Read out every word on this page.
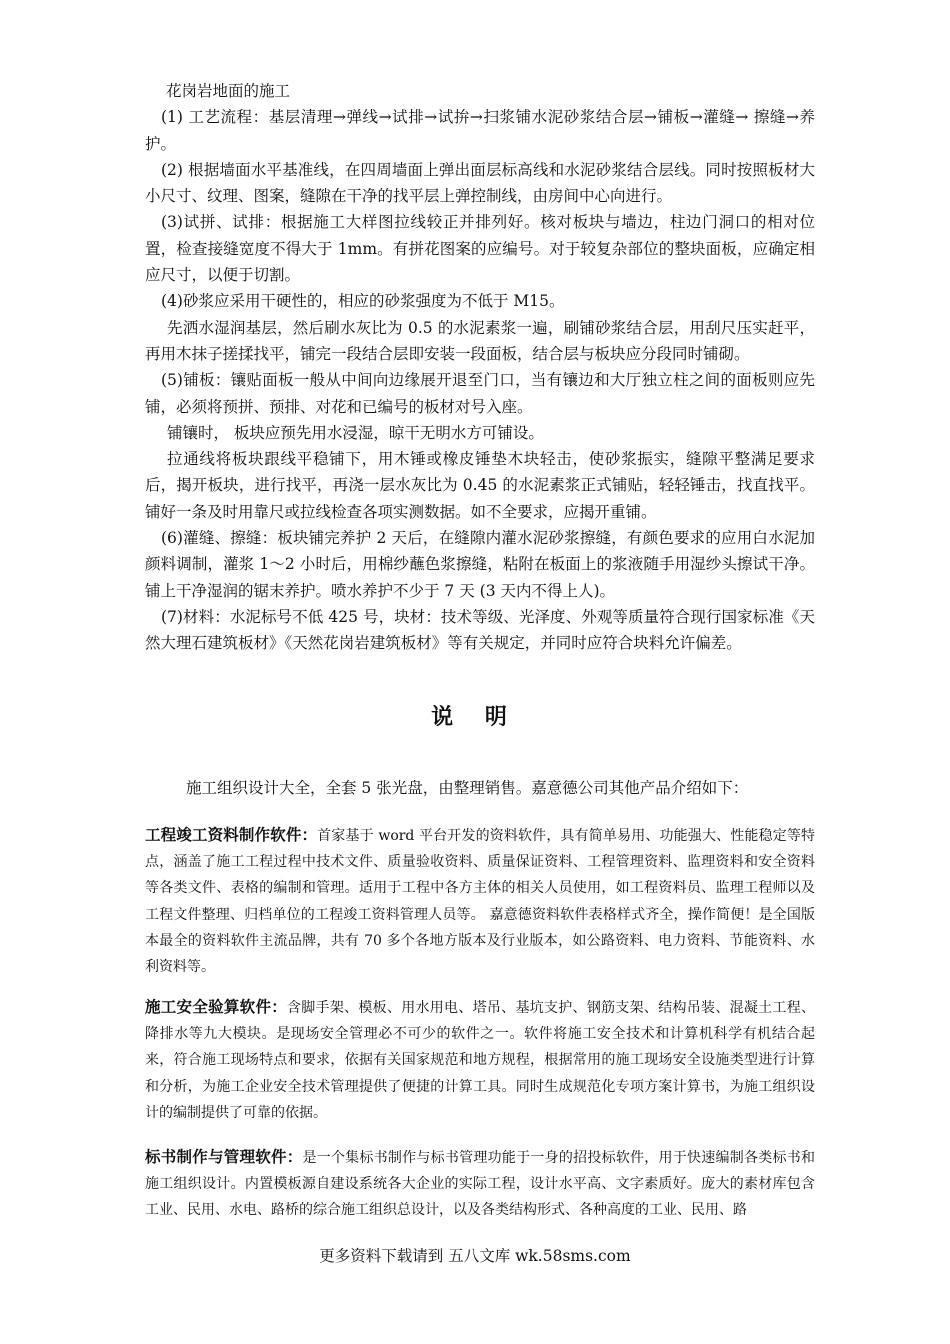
花岗岩地面的施工

(1) 工艺流程：基层清理→弹线→试排→试拚→扫浆铺水泥砂浆结合层→铺板→灌缝→ 擦缝→养护。

(2) 根据墙面水平基准线，在四周墙面上弹出面层标高线和水泥砂浆结合层线。同时按照板材大小尺寸、纹理、图案，缝隙在干净的找平层上弹控制线，由房间中心向进行。

(3)试拼、试排：根据施工大样图拉线较正并排列好。核对板块与墙边，柱边门洞口的相对位置，检查接缝宽度不得大于 1mm。有拼花图案的应编号。对于较复杂部位的整块面板，应确定相应尺寸，以便于切割。

(4)砂浆应采用干硬性的，相应的砂浆强度为不低于 M15。

先洒水湿润基层，然后刷水灰比为 0.5 的水泥素浆一遍，刷铺砂浆结合层，用刮尺压实赶平，再用木抹子搓揉找平，铺完一段结合层即安装一段面板，结合层与板块应分段同时铺砌。

(5)铺板：镶贴面板一般从中间向边缘展开退至门口，当有镶边和大厅独立柱之间的面板则应先铺，必须将预拼、预排、对花和已编号的板材对号入座。

铺镶时， 板块应预先用水浸湿，晾干无明水方可铺设。

拉通线将板块跟线平稳铺下，用木锤或橡皮锤垫木块轻击，使砂浆振实，缝隙平整满足要求后，揭开板块，进行找平，再浇一层水灰比为 0.45 的水泥素浆正式铺贴，轻轻锤击，找直找平。铺好一条及时用靠尺或拉线检查各项实测数据。如不全要求，应揭开重铺。

(6)灌缝、擦缝：板块铺完养护 2 天后，在缝隙内灌水泥砂浆擦缝，有颜色要求的应用白水泥加颜料调制，灌浆 1～2 小时后，用棉纱蘸色浆擦缝，粘附在板面上的浆液随手用湿纱头擦试干净。铺上干净湿润的锯末养护。喷水养护不少于 7 天 (3 天内不得上人)。

(7)材料：水泥标号不低 425 号，块材：技术等级、光泽度、外观等质量符合现行国家标准《天然大理石建筑板材》《天然花岗岩建筑板材》等有关规定，并同时应符合块料允许偏差。

说 明
施工组织设计大全，全套 5 张光盘，由整理销售。嘉意德公司其他产品介绍如下：
工程竣工资料制作软件：首家基于 word 平台开发的资料软件，具有简单易用、功能强大、性能稳定等特点，涵盖了施工工程过程中技术文件、质量验收资料、质量保证资料、工程管理资料、监理资料和安全资料等各类文件、表格的编制和管理。适用于工程中各方主体的相关人员使用，如工程资料员、监理工程师以及工程文件整理、归档单位的工程竣工资料管理人员等。 嘉意德资料软件表格样式齐全，操作简便！是全国版本最全的资料软件主流品牌，共有 70 多个各地方版本及行业版本，如公路资料、电力资料、节能资料、水利资料等。
施工安全验算软件：含脚手架、模板、用水用电、塔吊、基坑支护、钢筋支架、结构吊装、混凝土工程、降排水等九大模块。是现场安全管理必不可少的软件之一。软件将施工安全技术和计算机科学有机结合起来，符合施工现场特点和要求，依据有关国家规范和地方规程，根据常用的施工现场安全设施类型进行计算和分析，为施工企业安全技术管理提供了便捷的计算工具。同时生成规范化专项方案计算书，为施工组织设计的编制提供了可靠的依据。
标书制作与管理软件：是一个集标书制作与标书管理功能于一身的招投标软件，用于快速编制各类标书和施工组织设计。内置模板源自建设系统各大企业的实际工程，设计水平高、文字素质好。庞大的素材库包含工业、民用、水电、路桥的综合施工组织总设计，以及各类结构形式、各种高度的工业、民用、路
更多资料下载请到 五八文库 wk.58sms.com
